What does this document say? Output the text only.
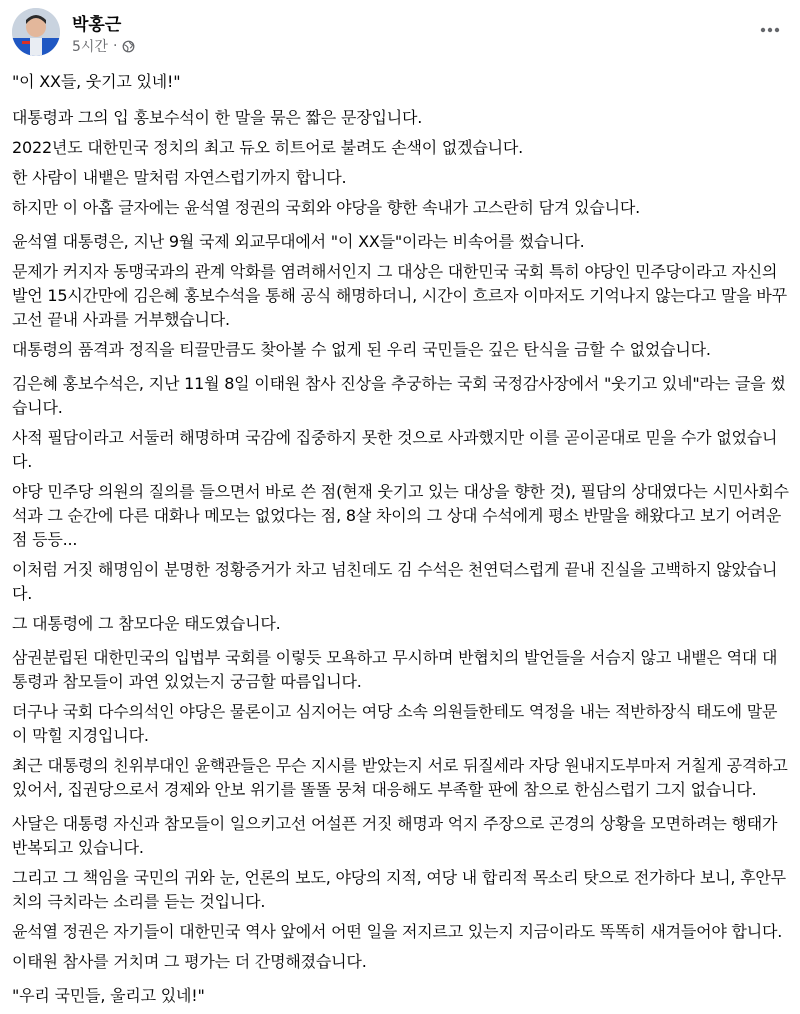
박홍근
5시간 ·

"이 XX들, 웃기고 있네!"

대통령과 그의 입 홍보수석이 한 말을 묶은 짧은 문장입니다.

2022년도 대한민국 정치의 최고 듀오 히트어로 불려도 손색이 없겠습니다.

한 사람이 내뱉은 말처럼 자연스럽기까지 합니다.

하지만 이 아홉 글자에는 윤석열 정권의 국회와 야당을 향한 속내가 고스란히 담겨 있습니다.

윤석열 대통령은, 지난 9월 국제 외교무대에서 "이 XX들"이라는 비속어를 썼습니다.

문제가 커지자 동맹국과의 관계 악화를 염려해서인지 그 대상은 대한민국 국회 특히 야당인 민주당이라고 자신의 발언 15시간만에 김은혜 홍보수석을 통해 공식 해명하더니, 시간이 흐르자 이마저도 기억나지 않는다고 말을 바꾸고선 끝내 사과를 거부했습니다.

대통령의 품격과 정직을 티끌만큼도 찾아볼 수 없게 된 우리 국민들은 깊은 탄식을 금할 수 없었습니다.

김은혜 홍보수석은, 지난 11월 8일 이태원 참사 진상을 추궁하는 국회 국정감사장에서 "웃기고 있네"라는 글을 썼습니다.

사적 필담이라고 서둘러 해명하며 국감에 집중하지 못한 것으로 사과했지만 이를 곧이곧대로 믿을 수가 없었습니다.

야당 민주당 의원의 질의를 들으면서 바로 쓴 점(현재 웃기고 있는 대상을 향한 것), 필담의 상대였다는 시민사회수석과 그 순간에 다른 대화나 메모는 없었다는 점, 8살 차이의 그 상대 수석에게 평소 반말을 해왔다고 보기 어려운 점 등등...

이처럼 거짓 해명임이 분명한 정황증거가 차고 넘친데도 김 수석은 천연덕스럽게 끝내 진실을 고백하지 않았습니다.

그 대통령에 그 참모다운 태도였습니다.

삼권분립된 대한민국의 입법부 국회를 이렇듯 모욕하고 무시하며 반협치의 발언들을 서슴지 않고 내뱉은 역대 대통령과 참모들이 과연 있었는지 궁금할 따름입니다.

더구나 국회 다수의석인 야당은 물론이고 심지어는 여당 소속 의원들한테도 역정을 내는 적반하장식 태도에 말문이 막힐 지경입니다.

최근 대통령의 친위부대인 윤핵관들은 무슨 지시를 받았는지 서로 뒤질세라 자당 원내지도부마저 거칠게 공격하고 있어서, 집권당으로서 경제와 안보 위기를 똘똘 뭉쳐 대응해도 부족할 판에 참으로 한심스럽기 그지 없습니다.

사달은 대통령 자신과 참모들이 일으키고선 어설픈 거짓 해명과 억지 주장으로 곤경의 상황을 모면하려는 행태가 반복되고 있습니다.

그리고 그 책임을 국민의 귀와 눈, 언론의 보도, 야당의 지적, 여당 내 합리적 목소리 탓으로 전가하다 보니, 후안무치의 극치라는 소리를 듣는 것입니다.

윤석열 정권은 자기들이 대한민국 역사 앞에서 어떤 일을 저지르고 있는지 지금이라도 똑똑히 새겨들어야 합니다.

이태원 참사를 거치며 그 평가는 더 간명해졌습니다.

"우리 국민들, 울리고 있네!"
